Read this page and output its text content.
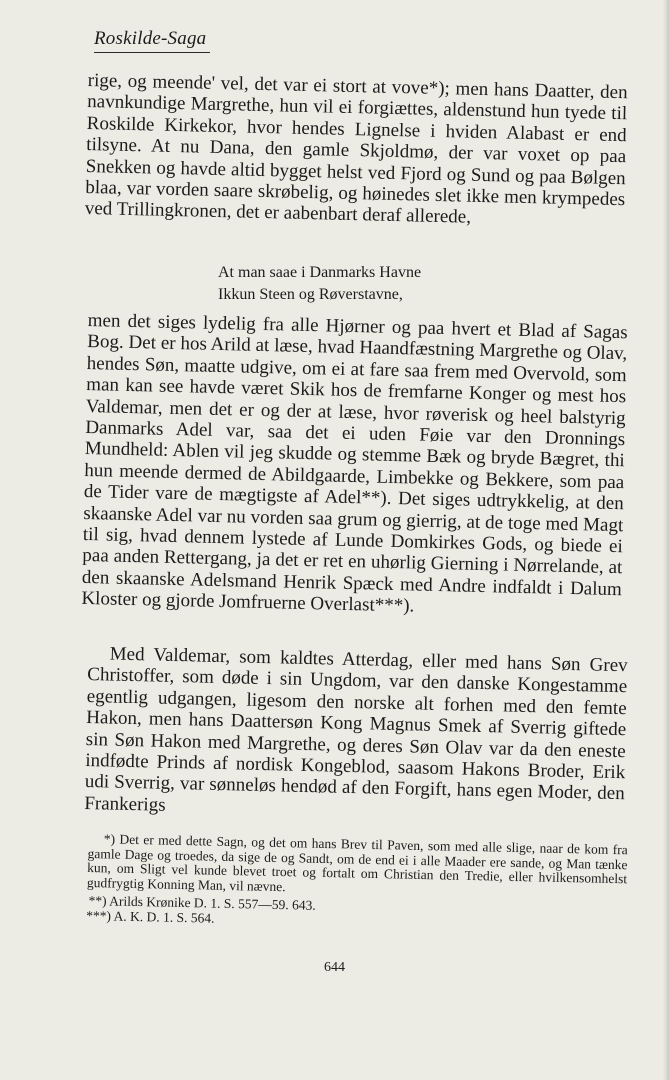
Roskilde-Saga

rige, og meende' vel, det var ei stort at vove*); men hans Daatter, den navnkundige Margrethe, hun vil ei forgiættes, aldenstund hun tyede til Roskilde Kirkekor, hvor hendes Lignelse i hviden Alabast er end tilsyne. At nu Dana, den gamle Skjoldmø, der var voxet op paa Snekken og havde altid bygget helst ved Fjord og Sund og paa Bølgen blaa, var vorden saare skrøbelig, og høinedes slet ikke men krympedes ved Trillingkronen, det er aabenbart deraf allerede,

At man saae i Danmarks Havne
Ikkun Steen og Røverstavne,

men det siges lydelig fra alle Hjørner og paa hvert et Blad af Sagas Bog. Det er hos Arild at læse, hvad Haandfæstning Margrethe og Olav, hendes Søn, maatte udgive, om ei at fare saa frem med Overvold, som man kan see havde været Skik hos de fremfarne Konger og mest hos Valdemar, men det er og der at læse, hvor røverisk og heel balstyrig Danmarks Adel var, saa det ei uden Føie var den Dronnings Mundheld: Ablen vil jeg skudde og stemme Bæk og bryde Bægret, thi hun meende dermed de Abildgaarde, Limbekke og Bekkere, som paa de Tider vare de mægtigste af Adel**). Det siges udtrykkelig, at den skaanske Adel var nu vorden saa grum og gierrig, at de toge med Magt til sig, hvad dennem lystede af Lunde Domkirkes Gods, og biede ei paa anden Rettergang, ja det er ret en uhørlig Gierning i Nørrelande, at den skaanske Adelsmand Henrik Spæck med Andre indfaldt i Dalum Kloster og gjorde Jomfruerne Overlast***).

Med Valdemar, som kaldtes Atterdag, eller med hans Søn Grev Christoffer, som døde i sin Ungdom, var den danske Kongestamme egentlig udgangen, ligesom den norske alt forhen med den femte Hakon, men hans Daattersøn Kong Magnus Smek af Sverrig giftede sin Søn Hakon med Margrethe, og deres Søn Olav var da den eneste indfødte Prinds af nordisk Kongeblod, saasom Hakons Broder, Erik udi Sverrig, var sønneløs hendød af den Forgift, hans egen Moder, den Frankerigs

*) Det er med dette Sagn, og det om hans Brev til Paven, som med alle slige, naar de kom fra gamle Dage og troedes, da sige de og Sandt, om de end ei i alle Maader ere sande, og Man tænke kun, om Sligt vel kunde blevet troet og fortalt om Christian den Tredie, eller hvilkensomhelst gudfrygtig Konning Man, vil nævne.

**) Arilds Krønike D. 1. S. 557—59. 643.
***) A. K. D. 1. S. 564.
644
